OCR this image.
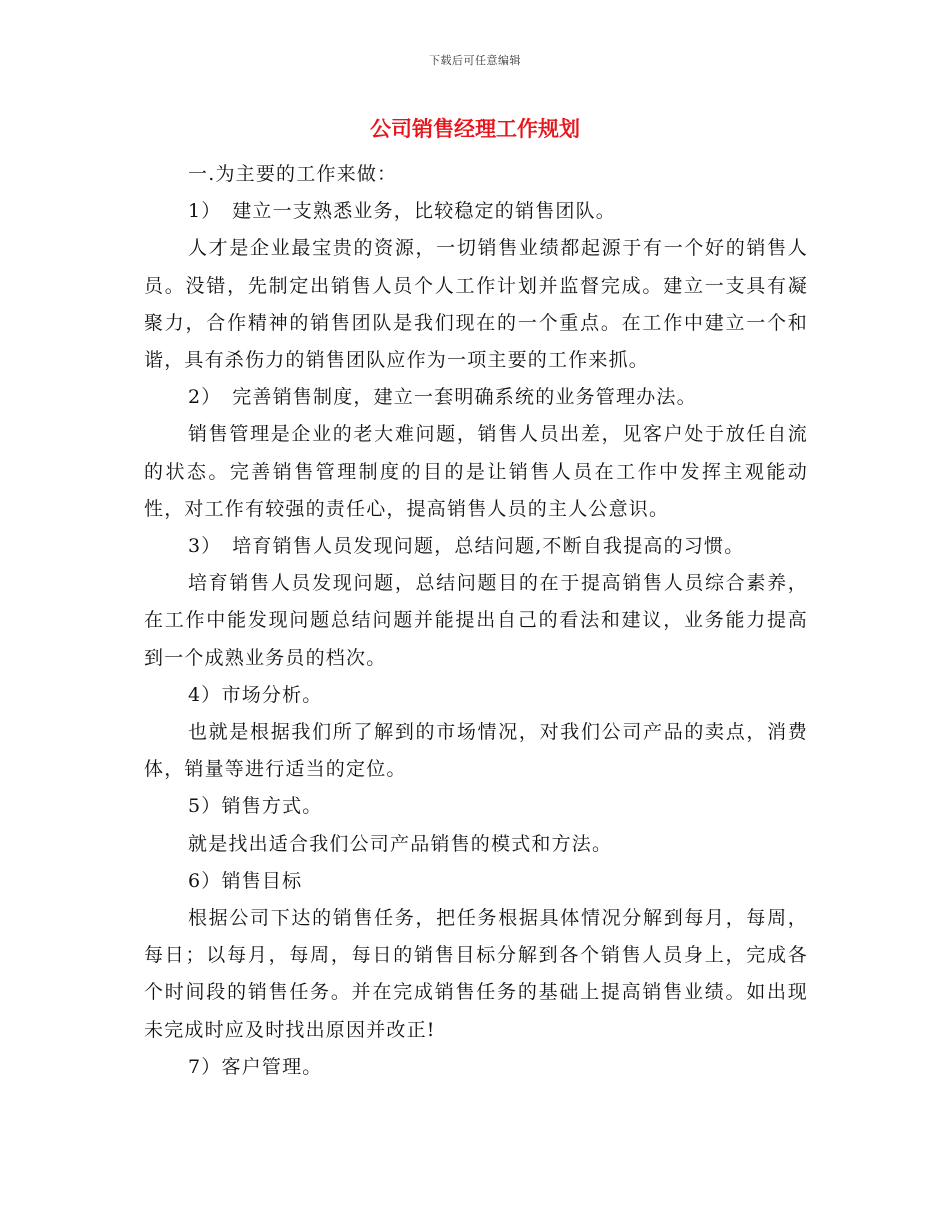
下载后可任意编辑
公司销售经理工作规划

一.为主要的工作来做：

1）　建立一支熟悉业务，比较稳定的销售团队。

人才是企业最宝贵的资源，一切销售业绩都起源于有一个好的销售人员。没错，先制定出销售人员个人工作计划并监督完成。建立一支具有凝聚力，合作精神的销售团队是我们现在的一个重点。在工作中建立一个和谐，具有杀伤力的销售团队应作为一项主要的工作来抓。

2）　完善销售制度，建立一套明确系统的业务管理办法。

销售管理是企业的老大难问题，销售人员出差，见客户处于放任自流的状态。完善销售管理制度的目的是让销售人员在工作中发挥主观能动性，对工作有较强的责任心，提高销售人员的主人公意识。

3）　培育销售人员发现问题，总结问题,不断自我提高的习惯。

培育销售人员发现问题，总结问题目的在于提高销售人员综合素养，在工作中能发现问题总结问题并能提出自己的看法和建议，业务能力提高到一个成熟业务员的档次。

4）市场分析。

也就是根据我们所了解到的市场情况，对我们公司产品的卖点，消费体，销量等进行适当的定位。

5）销售方式。

就是找出适合我们公司产品销售的模式和方法。

6）销售目标

根据公司下达的销售任务，把任务根据具体情况分解到每月，每周，每日；以每月，每周，每日的销售目标分解到各个销售人员身上，完成各个时间段的销售任务。并在完成销售任务的基础上提高销售业绩。如出现未完成时应及时找出原因并改正!

7）客户管理。
